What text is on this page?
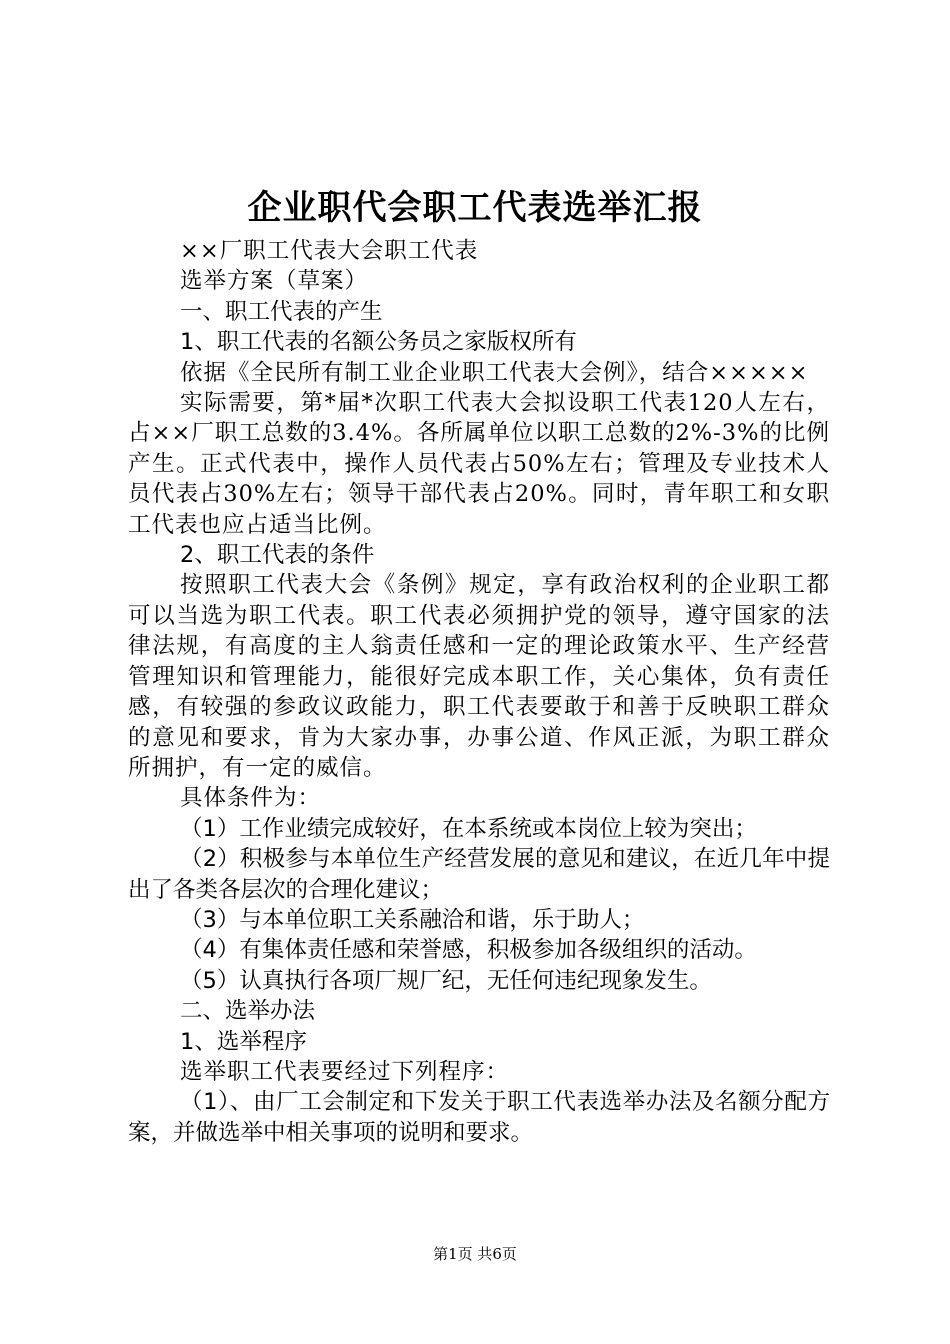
企业职代会职工代表选举汇报

××厂职工代表大会职工代表

选举方案（草案）

一、职工代表的产生

1、职工代表的名额公务员之家版权所有

依据《全民所有制工业企业职工代表大会例》，结合×××××

实际需要，第*届*次职工代表大会拟设职工代表120人左右，占××厂职工总数的3.4%。各所属单位以职工总数的2%-3%的比例产生。正式代表中，操作人员代表占50%左右；管理及专业技术人员代表占30%左右；领导干部代表占20%。同时，青年职工和女职工代表也应占适当比例。

2、职工代表的条件

按照职工代表大会《条例》规定，享有政治权利的企业职工都可以当选为职工代表。职工代表必须拥护党的领导，遵守国家的法律法规，有高度的主人翁责任感和一定的理论政策水平、生产经营管理知识和管理能力，能很好完成本职工作，关心集体，负有责任感，有较强的参政议政能力，职工代表要敢于和善于反映职工群众的意见和要求，肯为大家办事，办事公道、作风正派，为职工群众所拥护，有一定的威信。

具体条件为：

（1）工作业绩完成较好，在本系统或本岗位上较为突出；

（2）积极参与本单位生产经营发展的意见和建议，在近几年中提出了各类各层次的合理化建议；

（3）与本单位职工关系融洽和谐，乐于助人；

（4）有集体责任感和荣誉感，积极参加各级组织的活动。

（5）认真执行各项厂规厂纪，无任何违纪现象发生。

二、选举办法

1、选举程序

选举职工代表要经过下列程序：

（1）、由厂工会制定和下发关于职工代表选举办法及名额分配方案，并做选举中相关事项的说明和要求。

第1页 共6页
